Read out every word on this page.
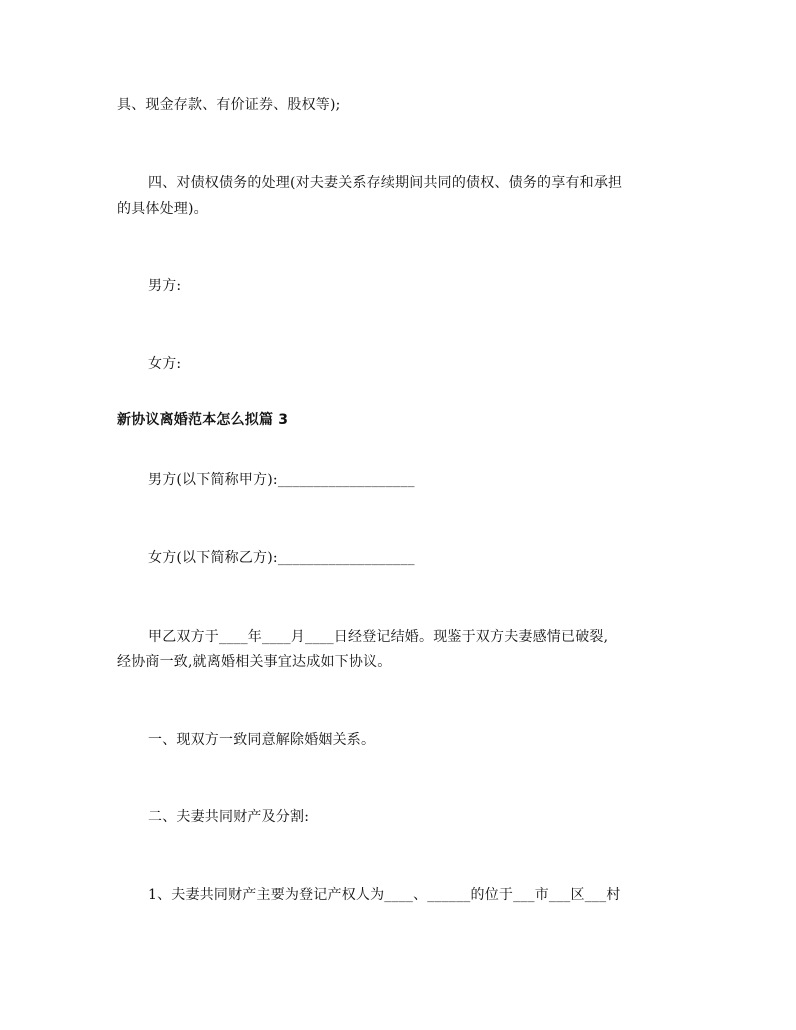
具、现金存款、有价证券、股权等);
四、对债权债务的处理(对夫妻关系存续期间共同的债权、债务的享有和承担
的具体处理)。
男方:
女方:
新协议离婚范本怎么拟篇 3
男方(以下简称甲方):___________________
女方(以下简称乙方):___________________
甲乙双方于____年____月____日经登记结婚。现鉴于双方夫妻感情已破裂,
经协商一致,就离婚相关事宜达成如下协议。
一、现双方一致同意解除婚姻关系。
二、夫妻共同财产及分割:
1、夫妻共同财产主要为登记产权人为____、______的位于___市___区___村
